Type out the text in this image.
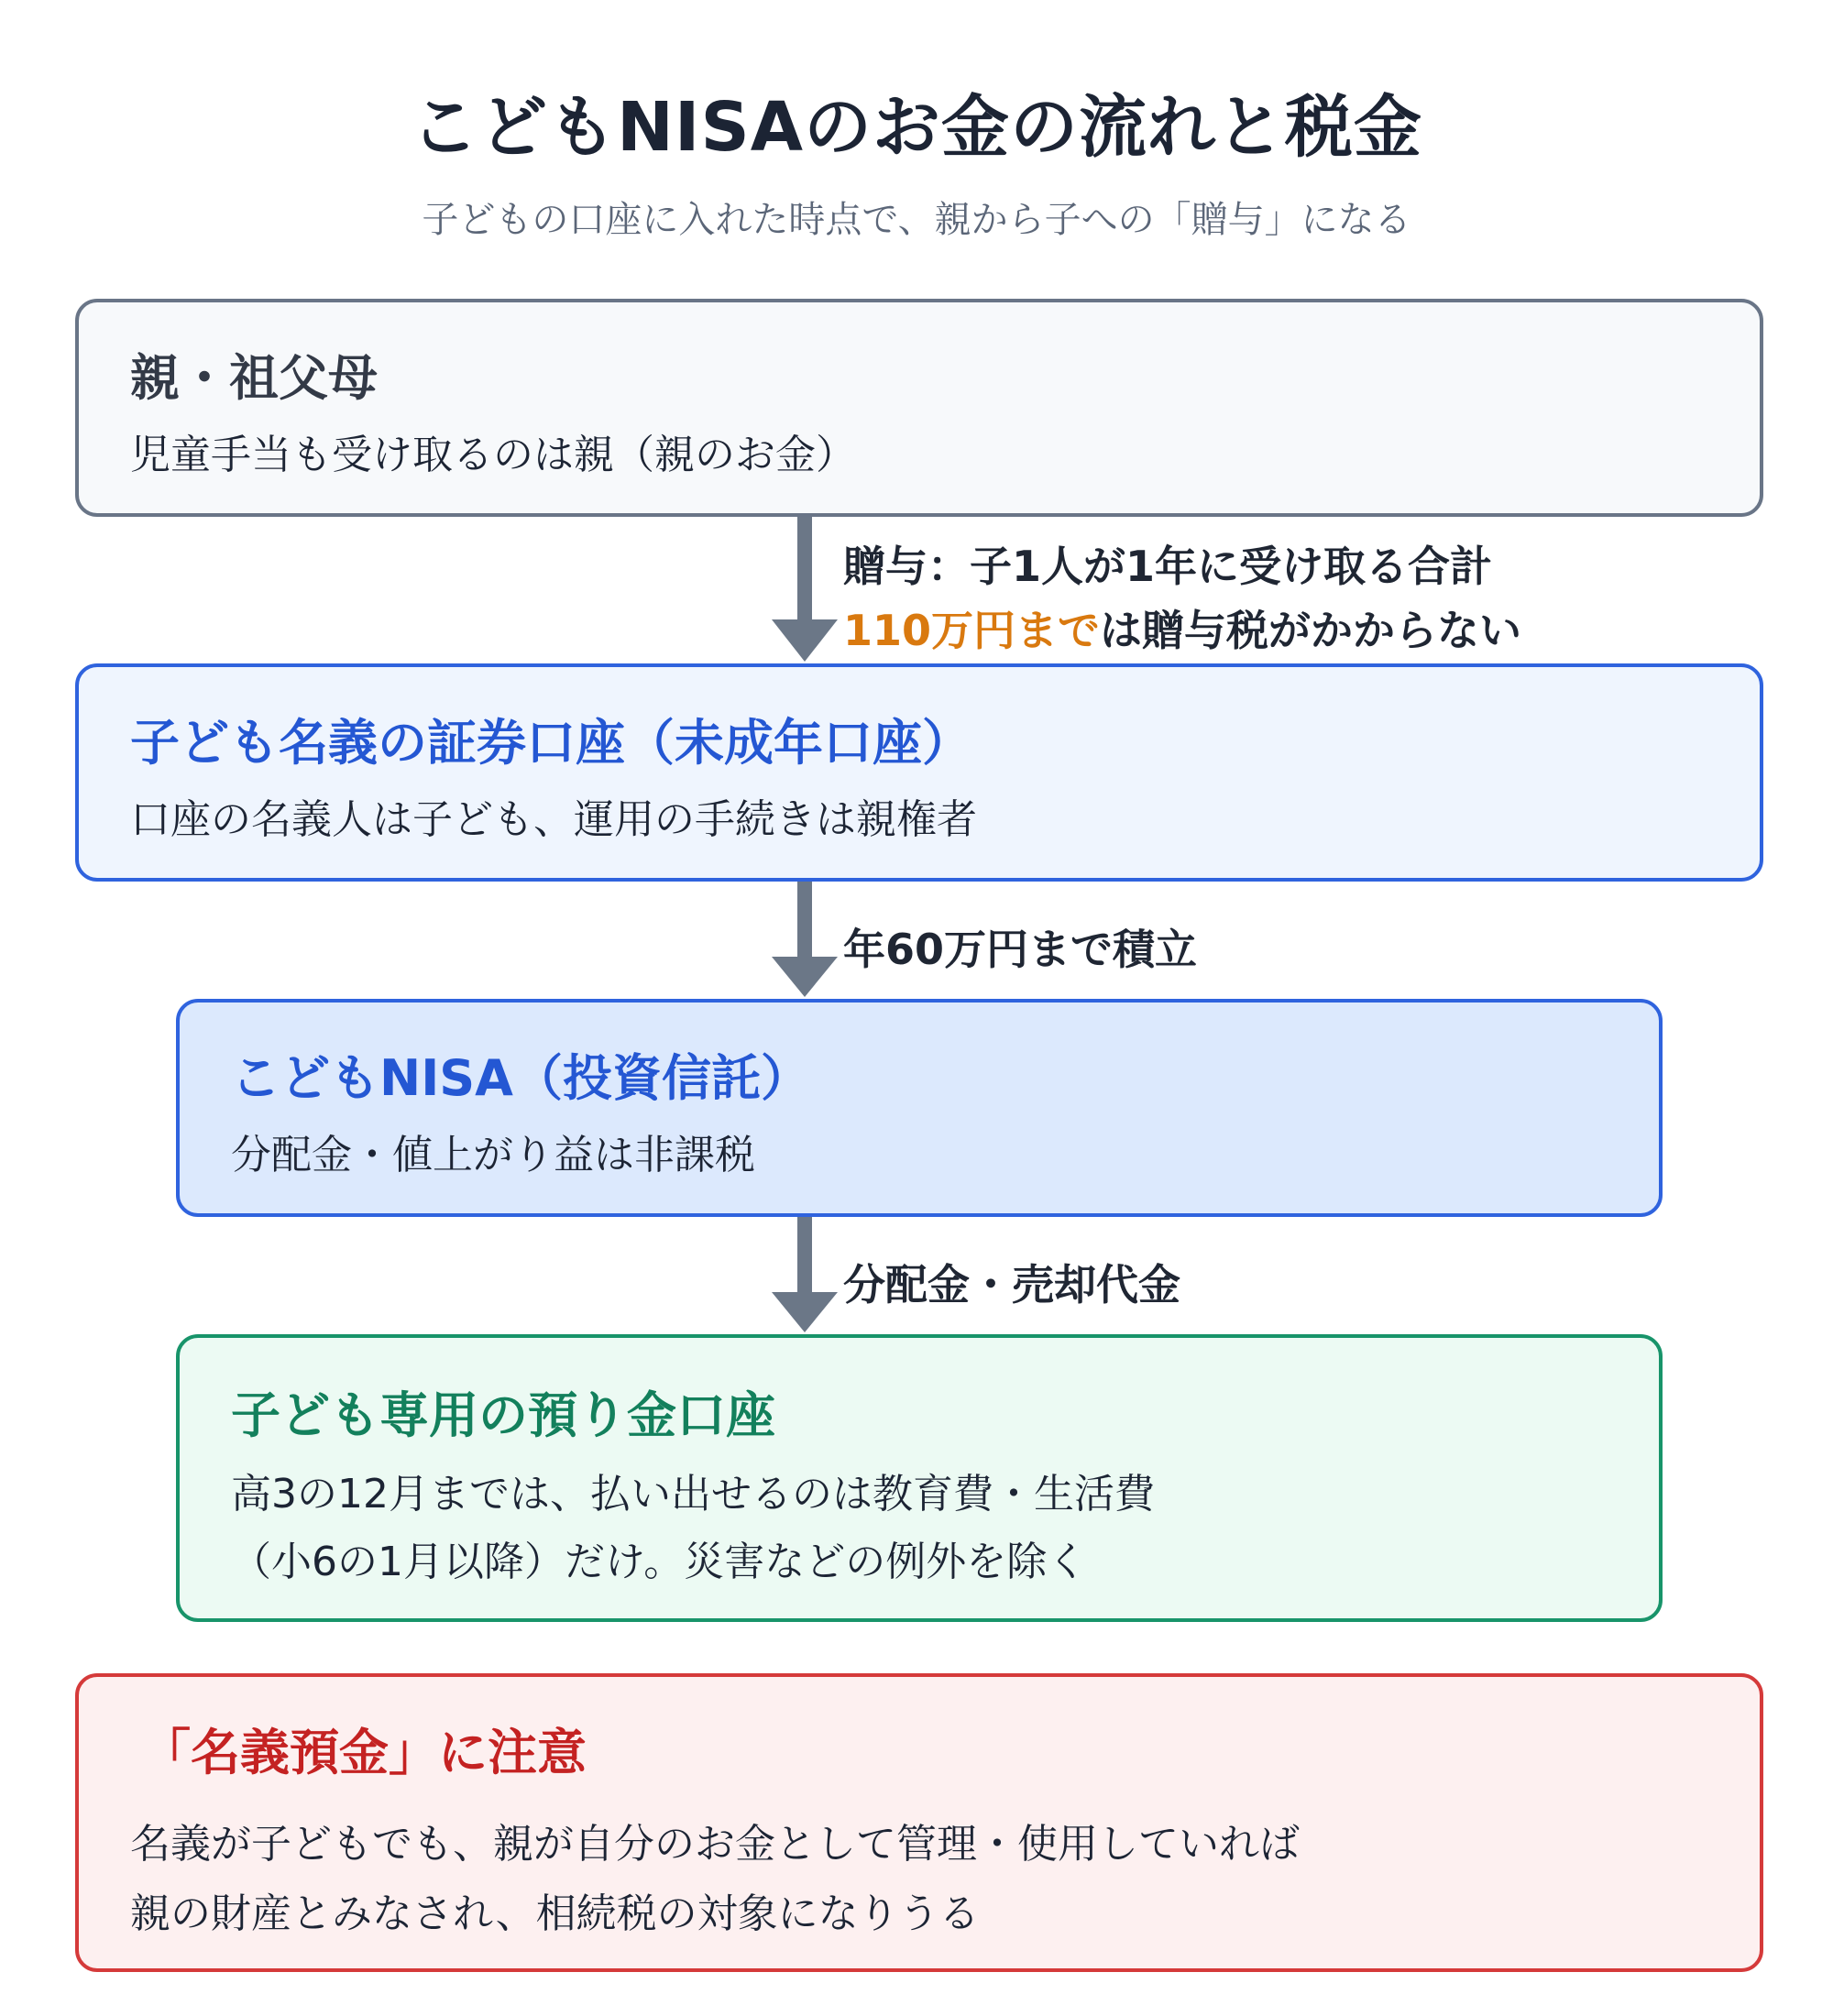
こどもNISAのお金の流れと税金
子どもの口座に入れた時点で、親から子への「贈与」になる
親・祖父母
児童手当も受け取るのは親（親のお金）
贈与：子1人が1年に受け取る合計
110万円までは贈与税がかからない
子ども名義の証券口座（未成年口座）
口座の名義人は子ども、運用の手続きは親権者
年60万円まで積立
こどもNISA（投資信託）
分配金・値上がり益は非課税
分配金・売却代金
子ども専用の預り金口座
高3の12月までは、払い出せるのは教育費・生活費
（小6の1月以降）だけ。災害などの例外を除く
「名義預金」に注意
名義が子どもでも、親が自分のお金として管理・使用していれば
親の財産とみなされ、相続税の対象になりうる
